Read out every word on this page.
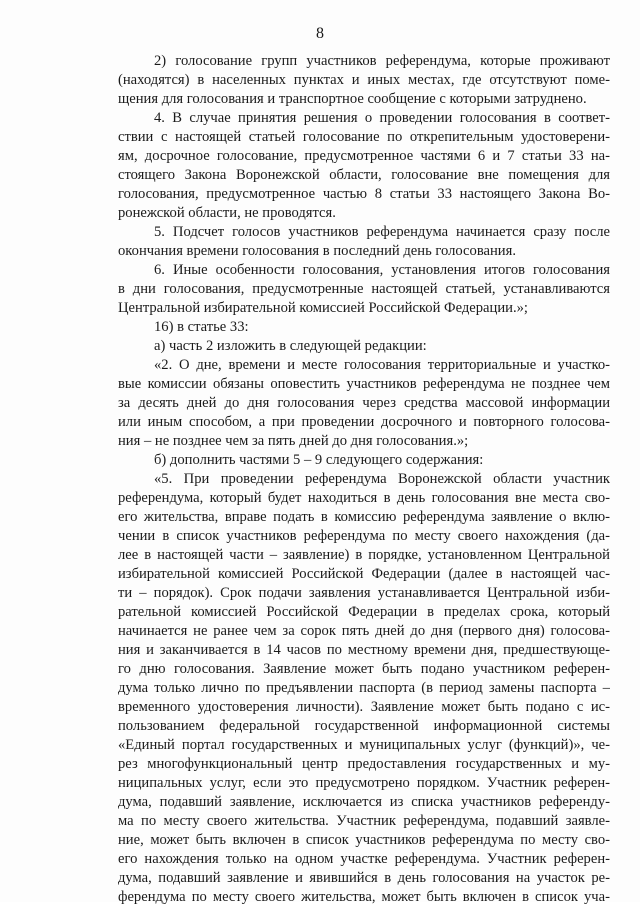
8
2) голосование групп участников референдума, которые проживают
(находятся) в населенных пунктах и иных местах, где отсутствуют поме-
щения для голосования и транспортное сообщение с которыми затруднено.
4. В случае принятия решения о проведении голосования в соответ-
ствии с настоящей статьей голосование по открепительным удостоверени-
ям, досрочное голосование, предусмотренное частями 6 и 7 статьи 33 на-
стоящего Закона Воронежской области, голосование вне помещения для
голосования, предусмотренное частью 8 статьи 33 настоящего Закона Во-
ронежской области, не проводятся.
5. Подсчет голосов участников референдума начинается сразу после
окончания времени голосования в последний день голосования.
6. Иные особенности голосования, установления итогов голосования
в дни голосования, предусмотренные настоящей статьей, устанавливаются
Центральной избирательной комиссией Российской Федерации.»;
16) в статье 33:
а) часть 2 изложить в следующей редакции:
«2. О дне, времени и месте голосования территориальные и участко-
вые комиссии обязаны оповестить участников референдума не позднее чем
за десять дней до дня голосования через средства массовой информации
или иным способом, а при проведении досрочного и повторного голосова-
ния – не позднее чем за пять дней до дня голосования.»;
б) дополнить частями 5 – 9 следующего содержания:
«5. При проведении референдума Воронежской области участник
референдума, который будет находиться в день голосования вне места сво-
его жительства, вправе подать в комиссию референдума заявление о вклю-
чении в список участников референдума по месту своего нахождения (да-
лее в настоящей части – заявление) в порядке, установленном Центральной
избирательной комиссией Российской Федерации (далее в настоящей час-
ти – порядок). Срок подачи заявления устанавливается Центральной изби-
рательной комиссией Российской Федерации в пределах срока, который
начинается не ранее чем за сорок пять дней до дня (первого дня) голосова-
ния и заканчивается в 14 часов по местному времени дня, предшествующе-
го дню голосования. Заявление может быть подано участником референ-
дума только лично по предъявлении паспорта (в период замены паспорта –
временного удостоверения личности). Заявление может быть подано с ис-
пользованием федеральной государственной информационной системы
«Единый портал государственных и муниципальных услуг (функций)», че-
рез многофункциональный центр предоставления государственных и му-
ниципальных услуг, если это предусмотрено порядком. Участник референ-
дума, подавший заявление, исключается из списка участников референду-
ма по месту своего жительства. Участник референдума, подавший заявле-
ние, может быть включен в список участников референдума по месту сво-
его нахождения только на одном участке референдума. Участник референ-
дума, подавший заявление и явившийся в день голосования на участок ре-
ферендума по месту своего жительства, может быть включен в список уча-
